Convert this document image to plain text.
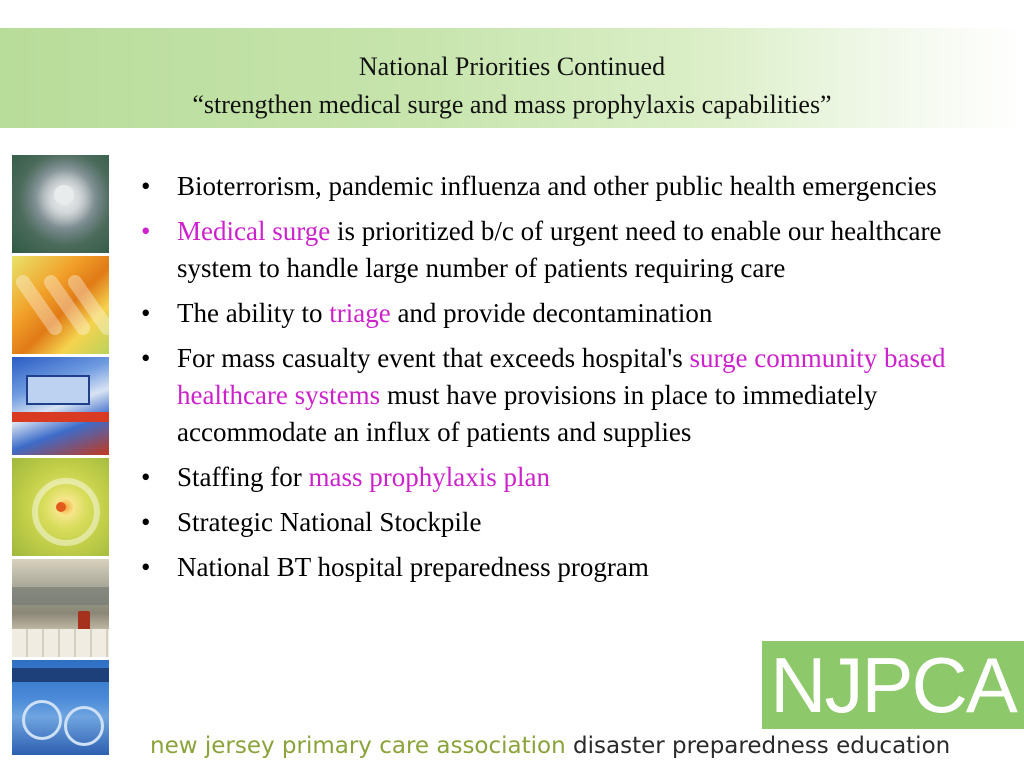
National Priorities Continued
“strengthen medical surge and mass prophylaxis capabilities”
• Bioterrorism, pandemic influenza and other public health emergencies
• Medical surge is prioritized b/c of urgent need to enable our healthcare system to handle large number of patients requiring care
• The ability to triage and provide decontamination
• For mass casualty event that exceeds hospital's surge community based healthcare systems must have provisions in place to immediately accommodate an influx of patients and supplies
• Staffing for mass prophylaxis plan
• Strategic National Stockpile
• National BT hospital preparedness program
NJPCA
new jersey primary care association disaster preparedness education
